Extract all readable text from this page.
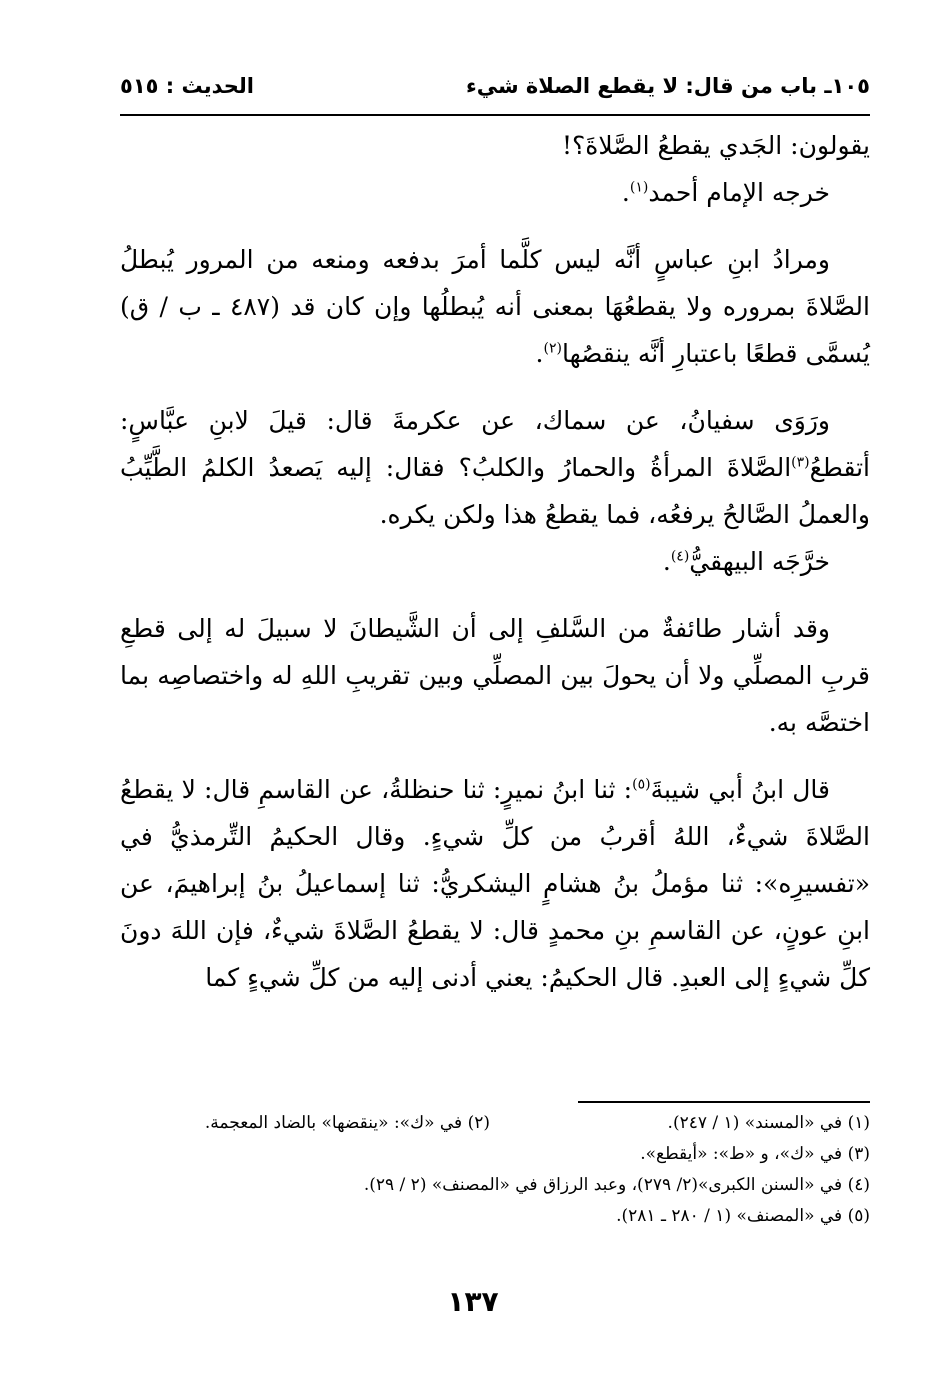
١٠٥ـ باب من قال: لا يقطع الصلاة شيء
الحديث : ٥١٥

يقولون: الجَدي يقطعُ الصَّلاةَ؟!

خرجه الإمام أحمد$^{(١)}$.

ومرادُ ابنِ عباسٍ أنَّه ليس كلَّما أمرَ بدفعه ومنعه من المرور يُبطلُ الصَّلاةَ بمروره ولا يقطعُهَا بمعنى أنه يُبطلُها وإن كان قد (٤٨٧ ـ ب / ق) يُسمَّى قطعًا باعتبارِ أنَّه ينقصُها$^{(٢)}$.

ورَوَى سفيانُ، عن سماك، عن عكرمةَ قال: قيلَ لابنِ عبَّاسٍ: أتقطعُ$^{(٣)}$الصَّلاةَ المرأةُ والحمارُ والكلبُ؟ فقال: إليه يَصعدُ الكلمُ الطَّيِّبُ والعملُ الصَّالحُ يرفعُه، فما يقطعُ هذا ولكن يكره.

خرَّجَه البيهقيُّ$^{(٤)}$.

وقد أشار طائفةٌ من السَّلفِ إلى أن الشَّيطانَ لا سبيلَ له إلى قطعِ قربِ المصلِّي ولا أن يحولَ بين المصلِّي وبين تقريبِ اللهِ له واختصاصِه بما اختصَّه به.

قال ابنُ أبي شيبةَ$^{(٥)}$: ثنا ابنُ نميرٍ: ثنا حنظلةُ، عن القاسمِ قال: لا يقطعُ الصَّلاةَ شيءٌ، اللهُ أقربُ من كلِّ شيءٍ. وقال الحكيمُ التِّرمذيُّ في «تفسيرِه»: ثنا مؤملُ بنُ هشامٍ اليشكريُّ: ثنا إسماعيلُ بنُ إبراهيمَ، عن ابنِ عونٍ، عن القاسمِ بنِ محمدٍ قال: لا يقطعُ الصَّلاةَ شيءٌ، فإن اللهَ دونَ كلِّ شيءٍ إلى العبدِ. قال الحكيمُ: يعني أدنى إليه من كلِّ شيءٍ كما

(١) في «المسند» (١ / ٢٤٧).
(٢) في «ك»: «ينقضها» بالضاد المعجمة.
(٣) في «ك»، و «ط»: «أيقطع».
(٤) في «السنن الكبرى»(٢/ ٢٧٩)، وعبد الرزاق في «المصنف» (٢ / ٢٩).
(٥) في «المصنف» (١ / ٢٨٠ ـ ٢٨١).
١٣٧
